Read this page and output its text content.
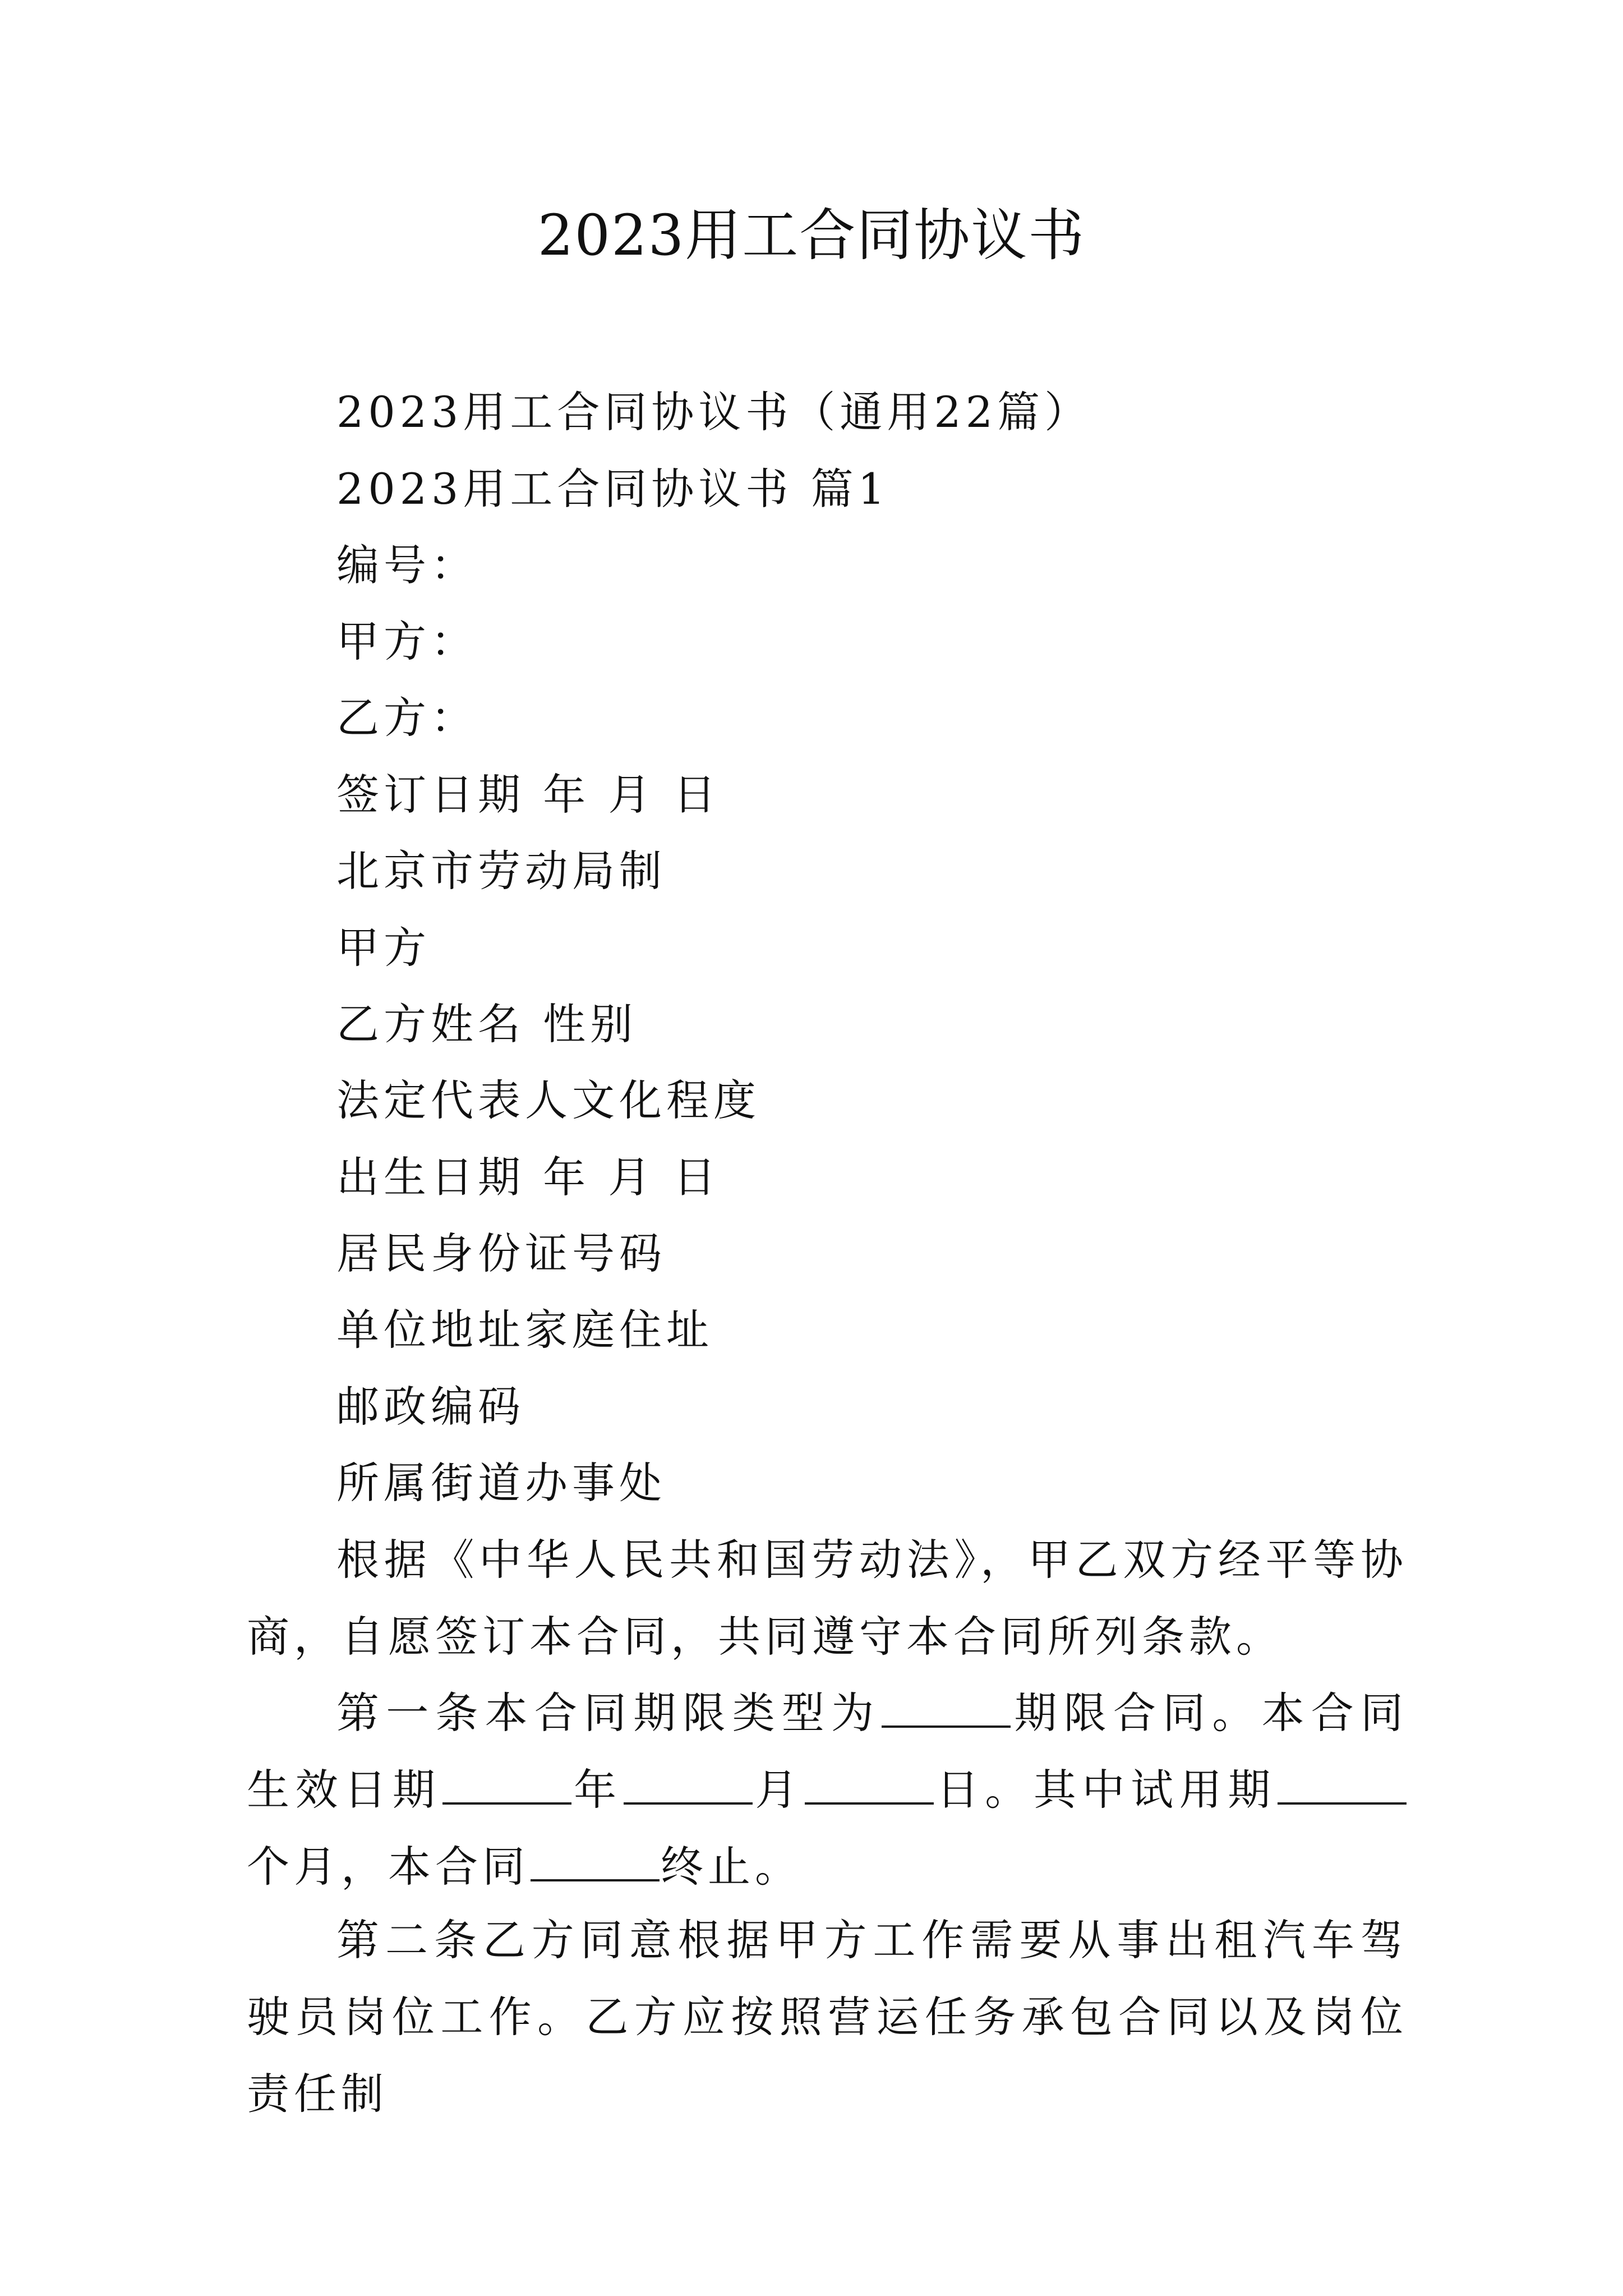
2023用工合同协议书
2023用工合同协议书（通用22篇）
2023用工合同协议书 篇1
编号：
甲方：
乙方：
签订日期 年 月 日
北京市劳动局制
甲方
乙方姓名 性别
法定代表人文化程度
出生日期 年 月 日
居民身份证号码
单位地址家庭住址
邮政编码
所属街道办事处
根据《中华人民共和国劳动法》，甲乙双方经平等协商，自愿签订本合同，共同遵守本合同所列条款。
第一条本合同期限类型为	期限合同。本合同生效日期	年	月	日。其中试用期个月，本合同	终止。
第二条乙方同意根据甲方工作需要从事出租汽车驾驶员岗位工作。乙方应按照营运任务承包合同以及岗位责任制
